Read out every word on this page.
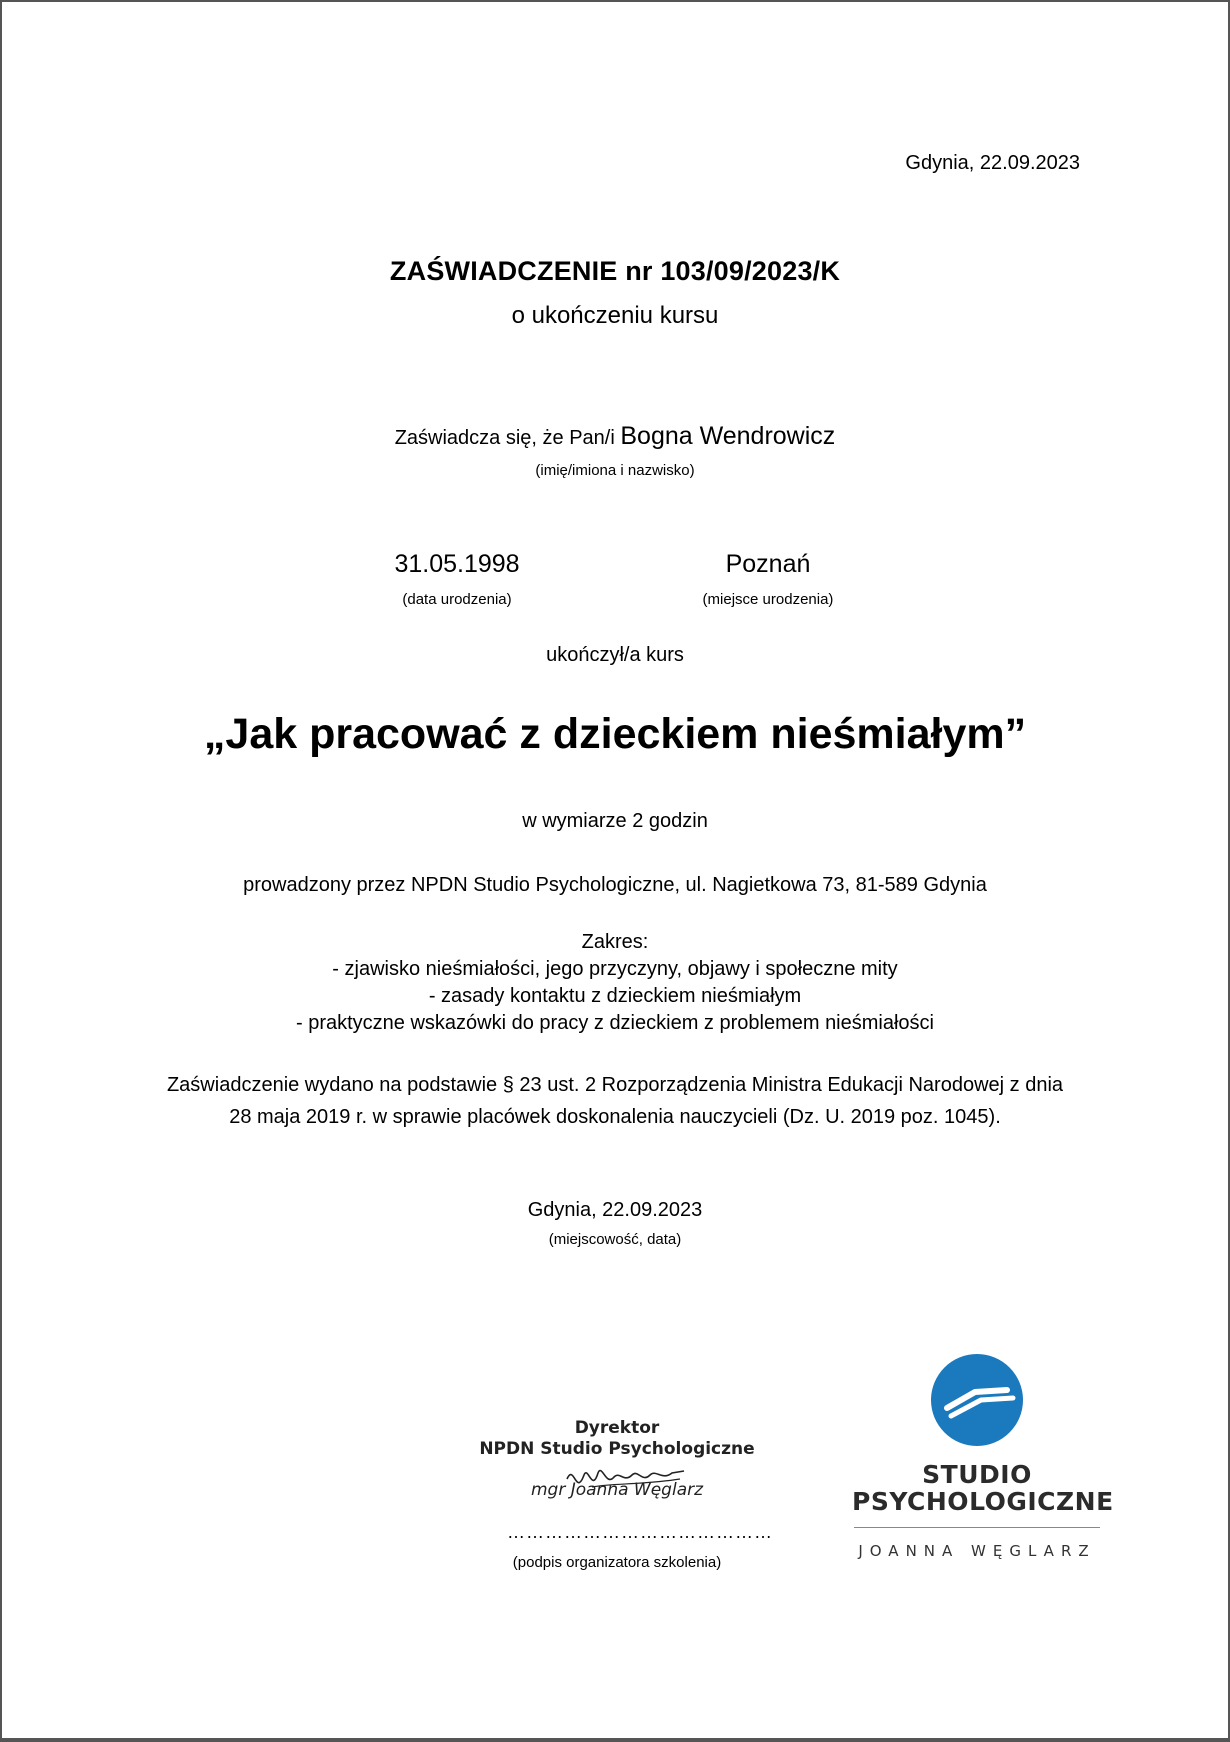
Gdynia, 22.09.2023
ZAŚWIADCZENIE nr 103/09/2023/K
o ukończeniu kursu
Zaświadcza się, że Pan/i Bogna Wendrowicz
(imię/imiona i nazwisko)
31.05.1998	Poznań
(data urodzenia)	(miejsce urodzenia)
ukończył/a kurs
„Jak pracować z dzieckiem nieśmiałym”
w wymiarze 2 godzin
prowadzony przez NPDN Studio Psychologiczne, ul. Nagietkowa 73, 81-589 Gdynia
Zakres:
- zjawisko nieśmiałości, jego przyczyny, objawy i społeczne mity
- zasady kontaktu z dzieckiem nieśmiałym
- praktyczne wskazówki do pracy z dzieckiem z problemem nieśmiałości
Zaświadczenie wydano na podstawie § 23 ust. 2 Rozporządzenia Ministra Edukacji Narodowej z dnia
28 maja 2019 r. w sprawie placówek doskonalenia nauczycieli (Dz. U. 2019 poz. 1045).
Gdynia, 22.09.2023
(miejscowość, data)
Dyrektor
NPDN Studio Psychologiczne
mgr Joanna Węglarz
……………………………………
(podpis organizatora szkolenia)
STUDIO
PSYCHOLOGICZNE
JOANNA WĘGLARZ
